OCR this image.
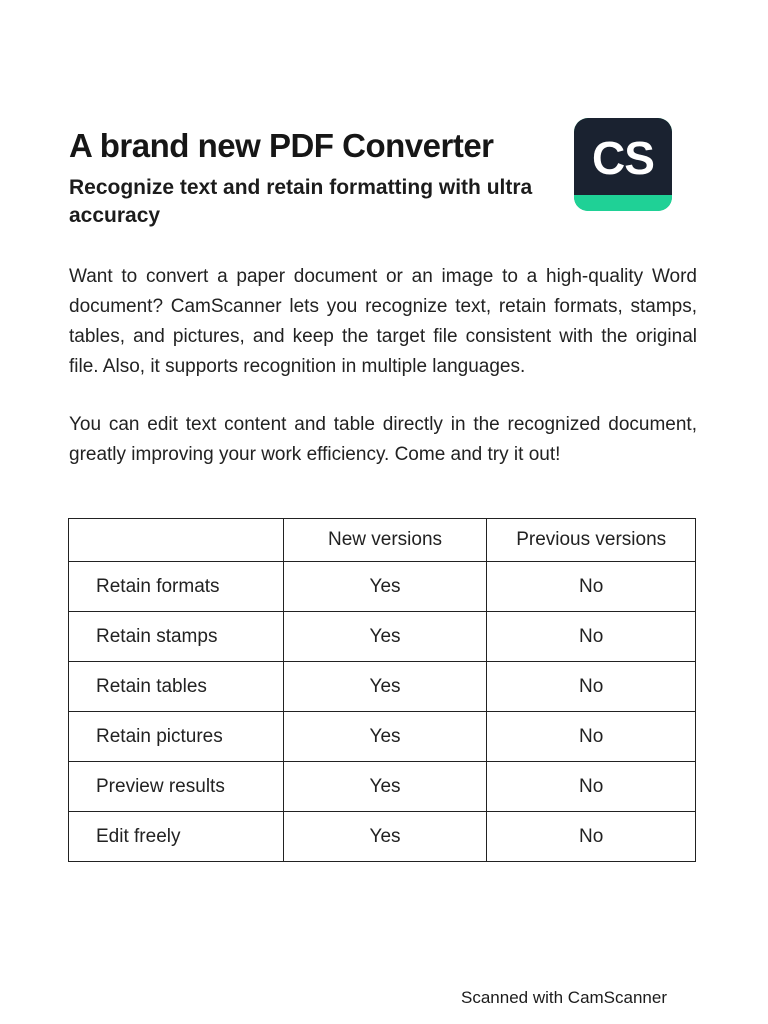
A brand new PDF Converter
Recognize text and retain formatting with ultra accuracy
CS

Want to convert a paper document or an image to a high-quality Word document? CamScanner lets you recognize text, retain formats, stamps, tables, and pictures, and keep the target file consistent with the original file. Also, it supports recognition in multiple languages.

You can edit text content and table directly in the recognized document, greatly improving your work efficiency. Come and try it out!

	New versions	Previous versions
Retain formats	Yes	No
Retain stamps	Yes	No
Retain tables	Yes	No
Retain pictures	Yes	No
Preview results	Yes	No
Edit freely	Yes	No
Scanned with CamScanner
